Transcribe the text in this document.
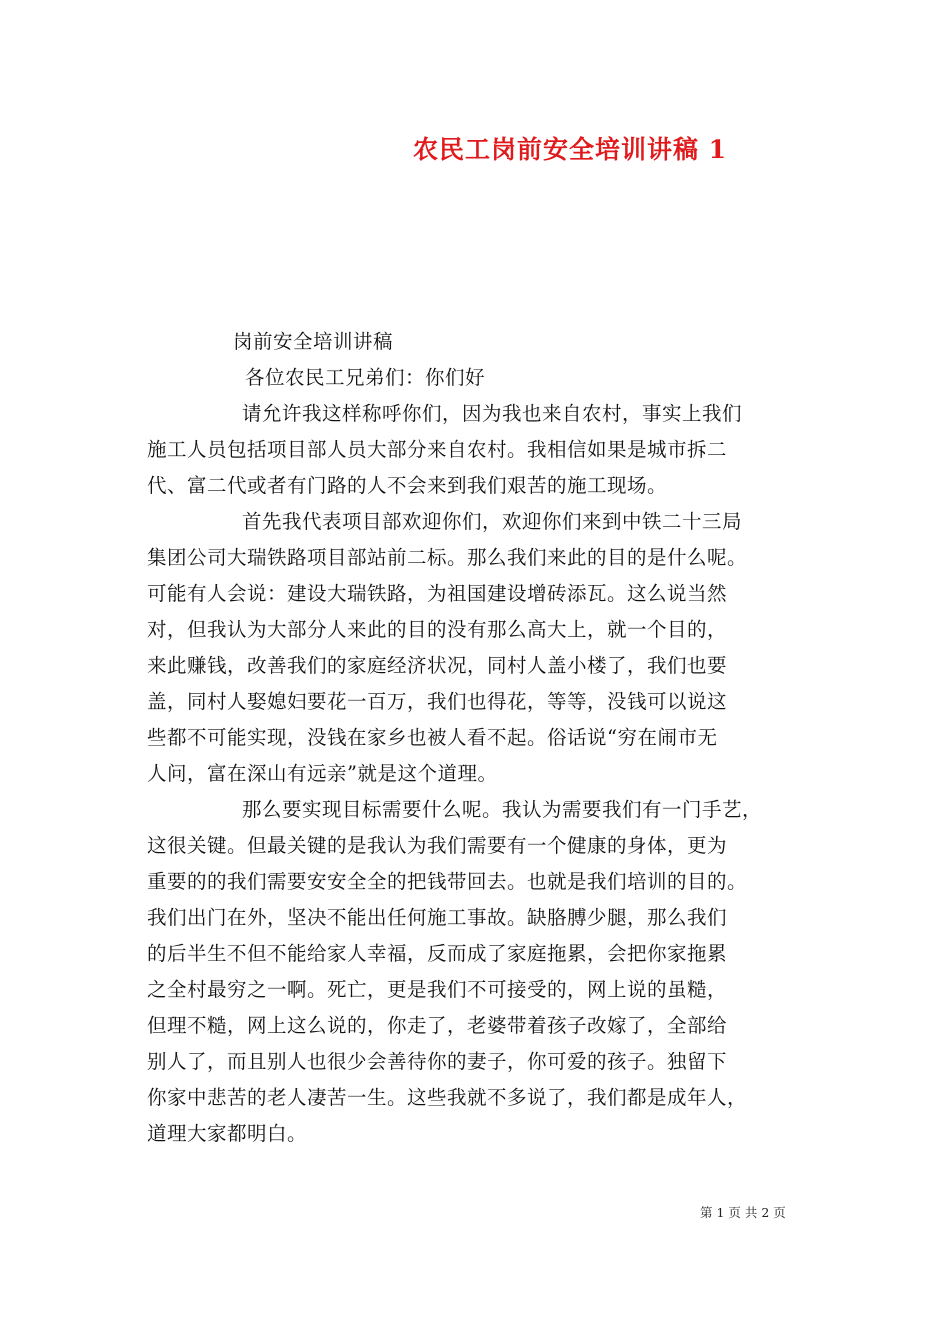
农民工岗前安全培训讲稿 1

岗前安全培训讲稿

各位农民工兄弟们：你们好

请允许我这样称呼你们，因为我也来自农村，事实上我们

施工人员包括项目部人员大部分来自农村。我相信如果是城市拆二

代、富二代或者有门路的人不会来到我们艰苦的施工现场。

首先我代表项目部欢迎你们，欢迎你们来到中铁二十三局

集团公司大瑞铁路项目部站前二标。那么我们来此的目的是什么呢。

可能有人会说：建设大瑞铁路，为祖国建设增砖添瓦。这么说当然

对，但我认为大部分人来此的目的没有那么高大上，就一个目的，

来此赚钱，改善我们的家庭经济状况，同村人盖小楼了，我们也要

盖，同村人娶媳妇要花一百万，我们也得花，等等，没钱可以说这

些都不可能实现，没钱在家乡也被人看不起。俗话说“穷在闹市无

人问，富在深山有远亲”就是这个道理。

那么要实现目标需要什么呢。我认为需要我们有一门手艺，

这很关键。但最关键的是我认为我们需要有一个健康的身体，更为

重要的的我们需要安安全全的把钱带回去。也就是我们培训的目的。

我们出门在外，坚决不能出任何施工事故。缺胳膊少腿，那么我们

的后半生不但不能给家人幸福，反而成了家庭拖累，会把你家拖累

之全村最穷之一啊。死亡，更是我们不可接受的，网上说的虽糙，

但理不糙，网上这么说的，你走了，老婆带着孩子改嫁了，全部给

别人了，而且别人也很少会善待你的妻子，你可爱的孩子。独留下

你家中悲苦的老人凄苦一生。这些我就不多说了，我们都是成年人，

道理大家都明白。

第 1 页 共 2 页
